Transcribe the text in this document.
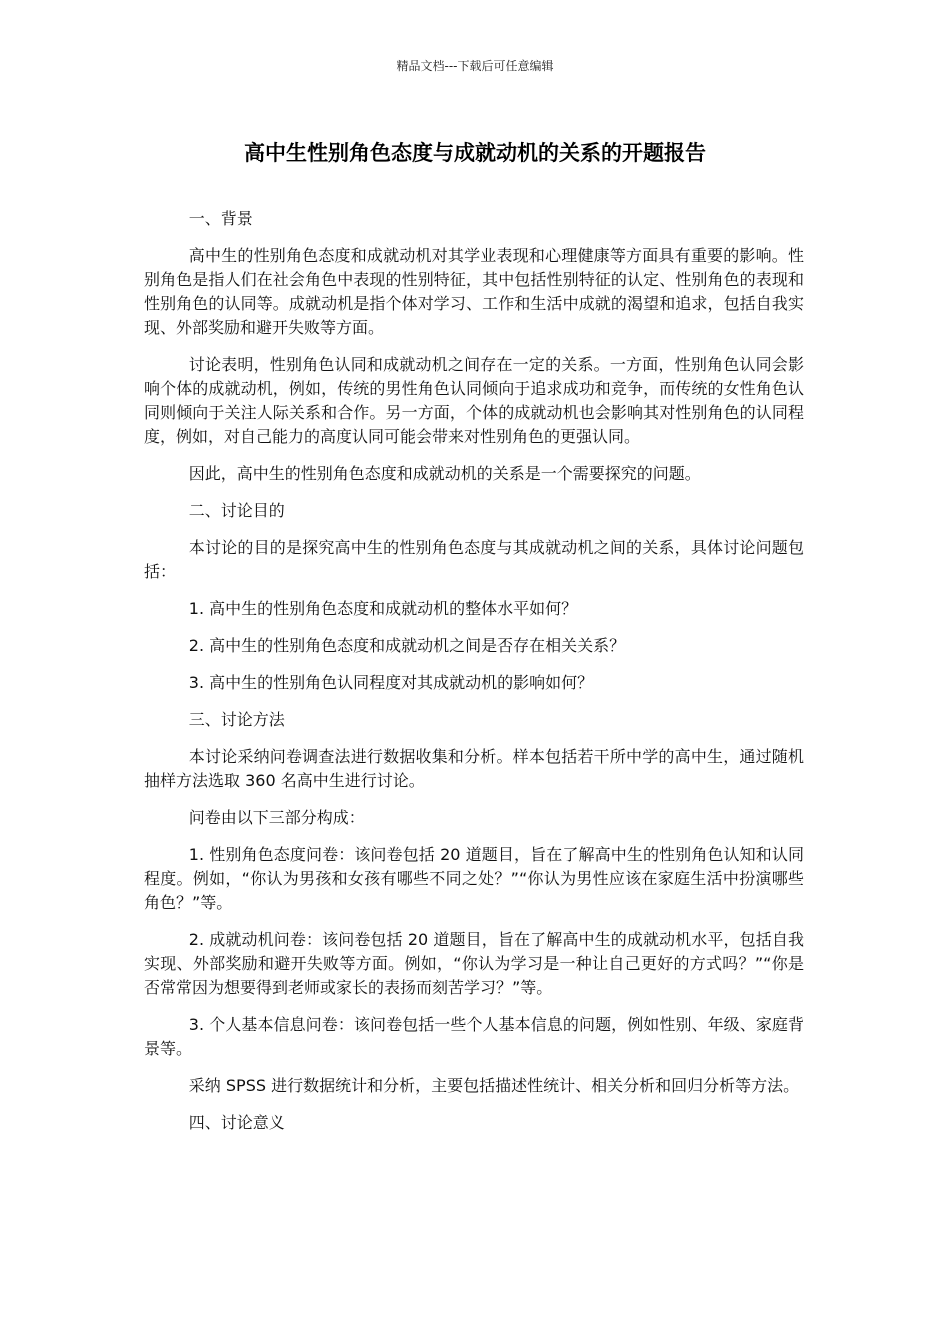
精品文档---下载后可任意编辑
高中生性别角色态度与成就动机的关系的开题报告

一、背景

高中生的性别角色态度和成就动机对其学业表现和心理健康等方面具有重要的影响。性别角色是指人们在社会角色中表现的性别特征，其中包括性别特征的认定、性别角色的表现和性别角色的认同等。成就动机是指个体对学习、工作和生活中成就的渴望和追求，包括自我实现、外部奖励和避开失败等方面。

讨论表明，性别角色认同和成就动机之间存在一定的关系。一方面，性别角色认同会影响个体的成就动机，例如，传统的男性角色认同倾向于追求成功和竞争，而传统的女性角色认同则倾向于关注人际关系和合作。另一方面，个体的成就动机也会影响其对性别角色的认同程度，例如，对自己能力的高度认同可能会带来对性别角色的更强认同。

因此，高中生的性别角色态度和成就动机的关系是一个需要探究的问题。

二、讨论目的

本讨论的目的是探究高中生的性别角色态度与其成就动机之间的关系，具体讨论问题包括：

1. 高中生的性别角色态度和成就动机的整体水平如何？

2. 高中生的性别角色态度和成就动机之间是否存在相关关系？

3. 高中生的性别角色认同程度对其成就动机的影响如何？

三、讨论方法

本讨论采纳问卷调查法进行数据收集和分析。样本包括若干所中学的高中生，通过随机抽样方法选取 360 名高中生进行讨论。

问卷由以下三部分构成：

1. 性别角色态度问卷：该问卷包括 20 道题目，旨在了解高中生的性别角色认知和认同程度。例如，“你认为男孩和女孩有哪些不同之处？”“你认为男性应该在家庭生活中扮演哪些角色？”等。

2. 成就动机问卷：该问卷包括 20 道题目，旨在了解高中生的成就动机水平，包括自我实现、外部奖励和避开失败等方面。例如，“你认为学习是一种让自己更好的方式吗？”“你是否常常因为想要得到老师或家长的表扬而刻苦学习？”等。

3. 个人基本信息问卷：该问卷包括一些个人基本信息的问题，例如性别、年级、家庭背景等。

采纳 SPSS 进行数据统计和分析，主要包括描述性统计、相关分析和回归分析等方法。

四、讨论意义
